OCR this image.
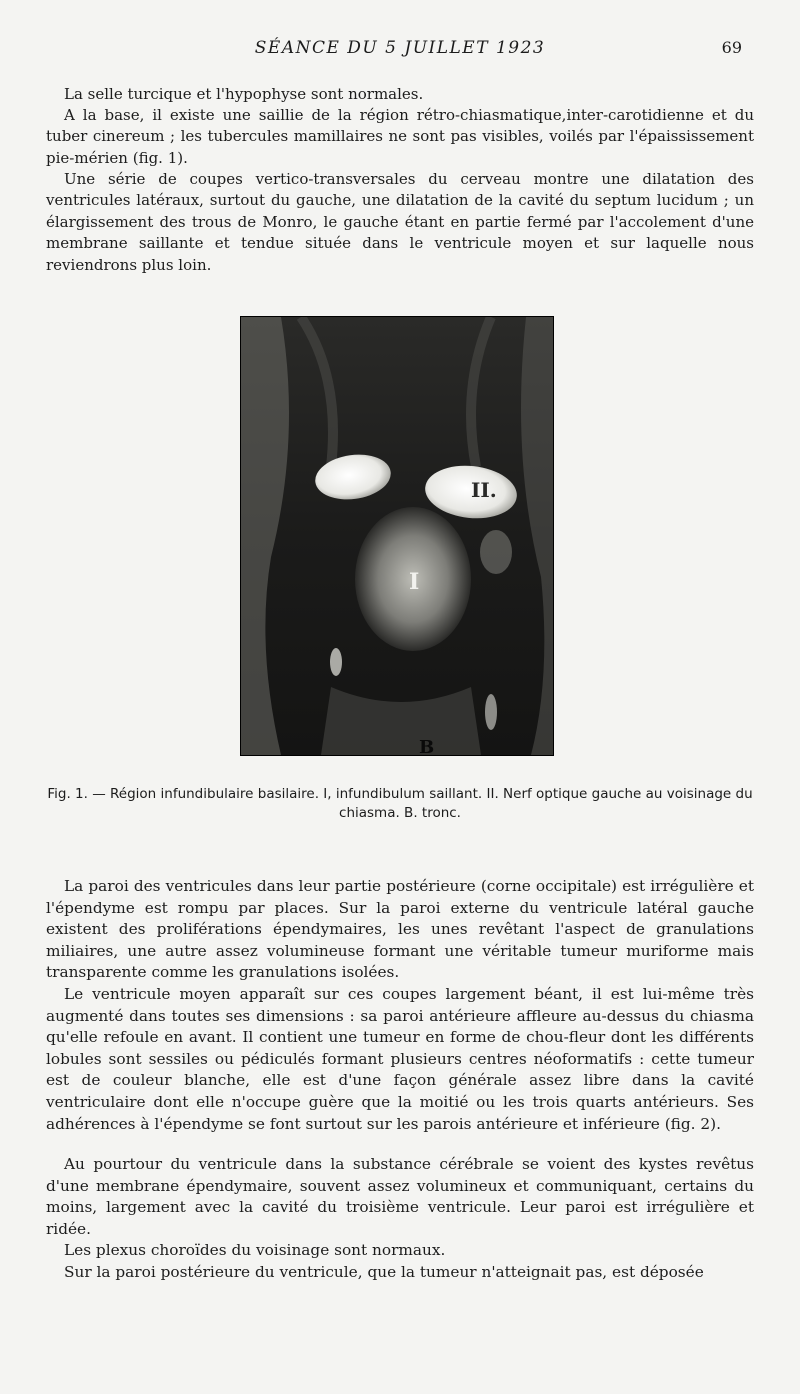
SÉANCE DU 5 JUILLET 1923	69

La selle turcique et l'hypophyse sont normales.

A la base, il existe une saillie de la région rétro-chiasmatique,inter-carotidienne et du tuber cinereum ; les tubercules mamillaires ne sont pas visibles, voilés par l'épaississement pie-mérien (fig. 1).

Une série de coupes vertico-transversales du cerveau montre une dilatation des ventricules latéraux, surtout du gauche, une dilatation de la cavité du septum lucidum ; un élargissement des trous de Monro, le gauche étant en partie fermé par l'accolement d'une membrane saillante et tendue située dans le ventricule moyen et sur laquelle nous reviendrons plus loin.

II.
I
B
Fig. 1. — Région infundibulaire basilaire. I, infundibulum saillant. II. Nerf optique gauche au voisinage du chiasma. B. tronc.

La paroi des ventricules dans leur partie postérieure (corne occipitale) est irrégulière et l'épendyme est rompu par places. Sur la paroi externe du ventricule latéral gauche existent des proliférations épendymaires, les unes revêtant l'aspect de granulations miliaires, une autre assez volumineuse formant une véritable tumeur muriforme mais transparente comme les granulations isolées.

Le ventricule moyen apparaît sur ces coupes largement béant, il est lui-même très augmenté dans toutes ses dimensions : sa paroi antérieure affleure au-dessus du chiasma qu'elle refoule en avant. Il contient une tumeur en forme de chou-fleur dont les différents lobules sont sessiles ou pédiculés formant plusieurs centres néoformatifs : cette tumeur est de couleur blanche, elle est d'une façon générale assez libre dans la cavité ventriculaire dont elle n'occupe guère que la moitié ou les trois quarts antérieurs. Ses adhérences à l'épendyme se font surtout sur les parois antérieure et inférieure (fig. 2).

Au pourtour du ventricule dans la substance cérébrale se voient des kystes revêtus d'une membrane épendymaire, souvent assez volumineux et communiquant, certains du moins, largement avec la cavité du troisième ventricule. Leur paroi est irrégulière et ridée.

Les plexus choroïdes du voisinage sont normaux.

Sur la paroi postérieure du ventricule, que la tumeur n'atteignait pas, est déposée
